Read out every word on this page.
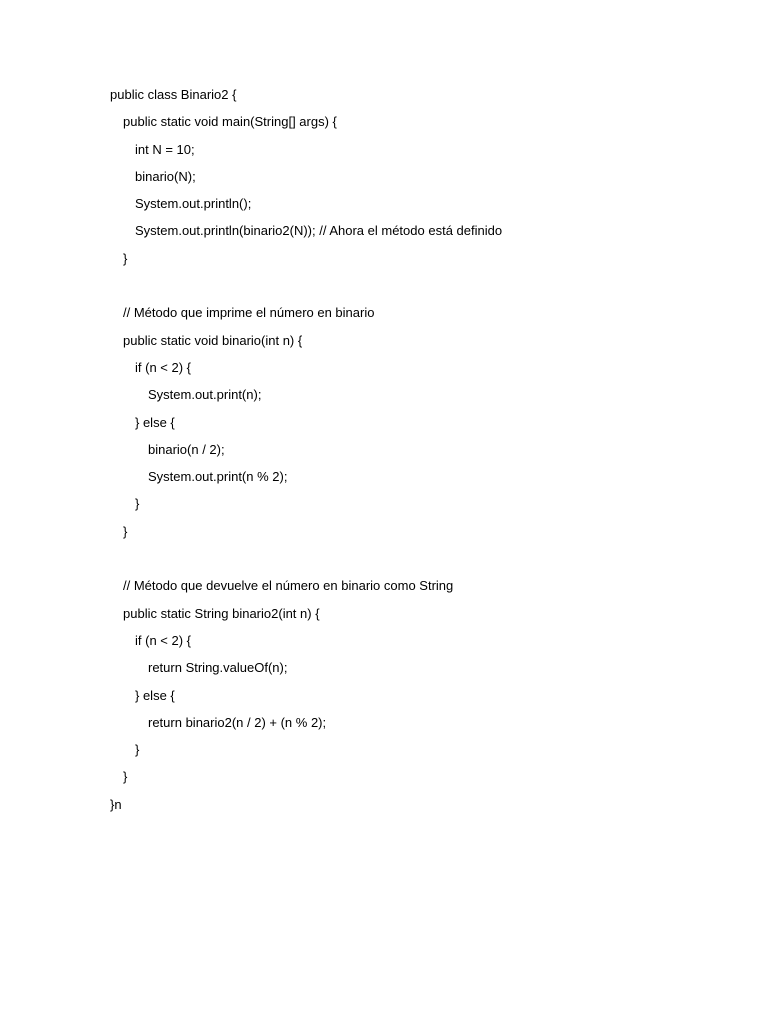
public class Binario2 {
public static void main(String[] args) {
int N = 10;
binario(N);
System.out.println();
System.out.println(binario2(N)); // Ahora el método está definido
}
// Método que imprime el número en binario
public static void binario(int n) {
if (n < 2) {
System.out.print(n);
} else {
binario(n / 2);
System.out.print(n % 2);
}
}
// Método que devuelve el número en binario como String
public static String binario2(int n) {
if (n < 2) {
return String.valueOf(n);
} else {
return binario2(n / 2) + (n % 2);
}
}
}n
